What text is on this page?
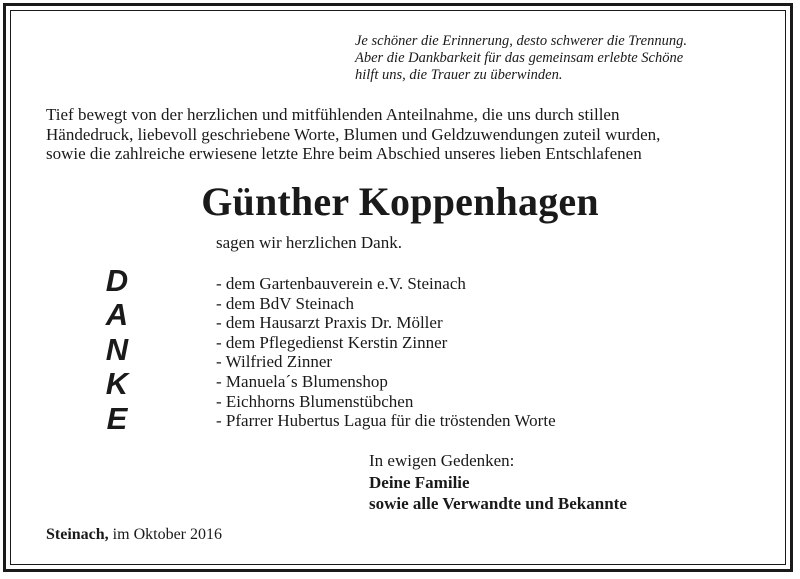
Je schöner die Erinnerung, desto schwerer die Trennung.
Aber die Dankbarkeit für das gemeinsam erlebte Schöne
hilft uns, die Trauer zu überwinden.
Tief bewegt von der herzlichen und mitfühlenden Anteilnahme, die uns durch stillen
Händedruck, liebevoll geschriebene Worte, Blumen und Geldzuwendungen zuteil wurden,
sowie die zahlreiche erwiesene letzte Ehre beim Abschied unseres lieben Entschlafenen
Günther Koppenhagen
sagen wir herzlichen Dank.
D
A
N
K
E
- dem Gartenbauverein e.V. Steinach
- dem BdV Steinach
- dem Hausarzt Praxis Dr. Möller
- dem Pflegedienst Kerstin Zinner
- Wilfried Zinner
- Manuela´s Blumenshop
- Eichhorns Blumenstübchen
- Pfarrer Hubertus Lagua für die tröstenden Worte
In ewigen Gedenken:
Deine Familie
sowie alle Verwandte und Bekannte
Steinach, im Oktober 2016
